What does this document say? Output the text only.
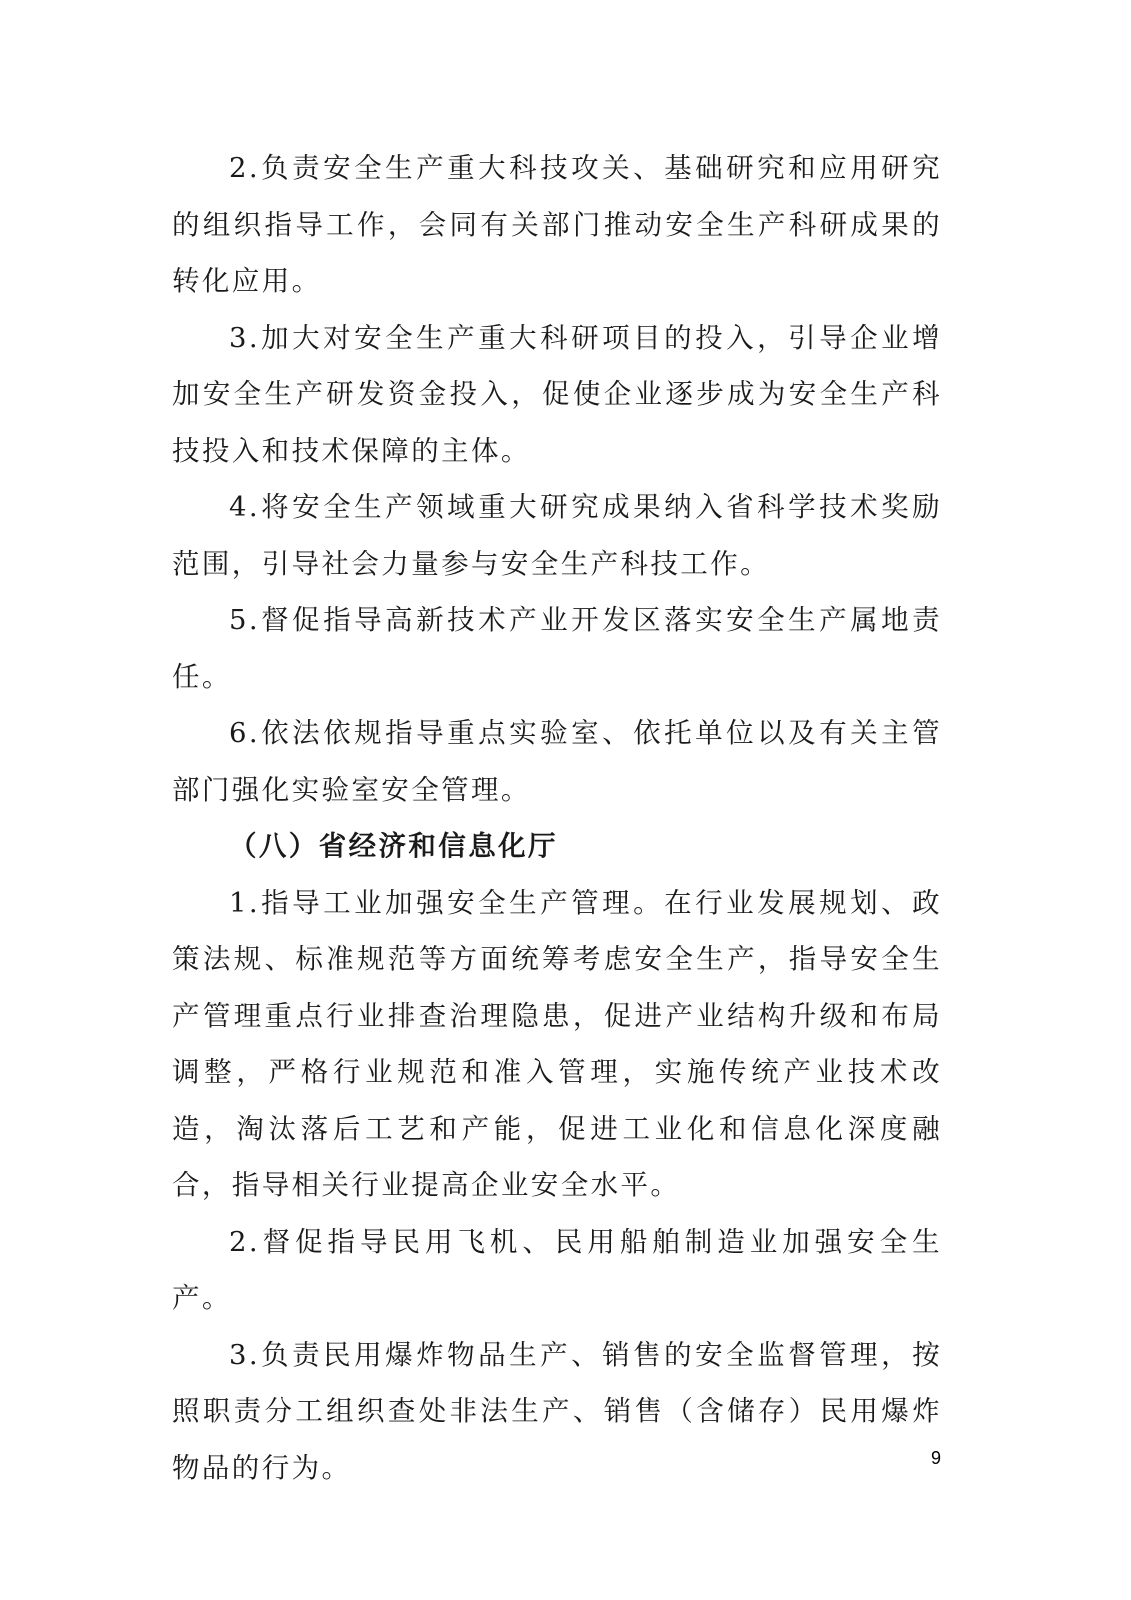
2.负责安全生产重大科技攻关、基础研究和应用研究的组织指导工作，会同有关部门推动安全生产科研成果的转化应用。

3.加大对安全生产重大科研项目的投入，引导企业增加安全生产研发资金投入，促使企业逐步成为安全生产科技投入和技术保障的主体。

4.将安全生产领域重大研究成果纳入省科学技术奖励范围，引导社会力量参与安全生产科技工作。

5.督促指导高新技术产业开发区落实安全生产属地责任。

6.依法依规指导重点实验室、依托单位以及有关主管部门强化实验室安全管理。

（八）省经济和信息化厅

1.指导工业加强安全生产管理。在行业发展规划、政策法规、标准规范等方面统筹考虑安全生产，指导安全生产管理重点行业排查治理隐患，促进产业结构升级和布局调整，严格行业规范和准入管理，实施传统产业技术改造，淘汰落后工艺和产能，促进工业化和信息化深度融合，指导相关行业提高企业安全水平。

2.督促指导民用飞机、民用船舶制造业加强安全生产。

3.负责民用爆炸物品生产、销售的安全监督管理，按照职责分工组织查处非法生产、销售（含储存）民用爆炸物品的行为。	9
